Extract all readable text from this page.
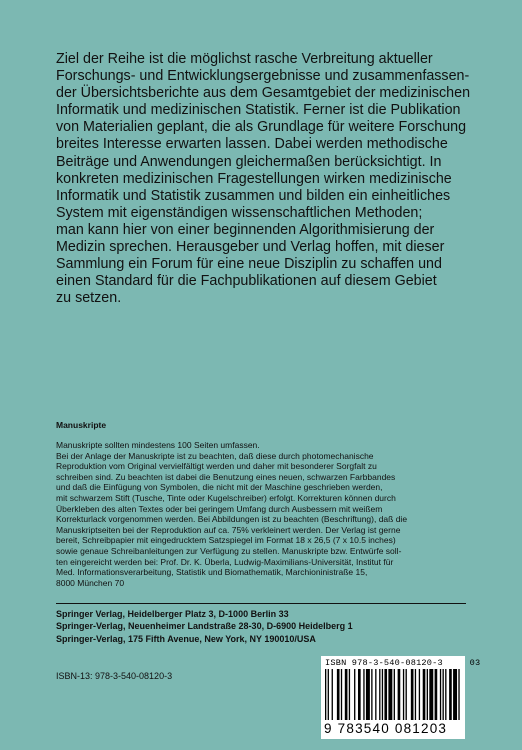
Ziel der Reihe ist die möglichst rasche Verbreitung aktueller
Forschungs- und Entwicklungsergebnisse und zusammenfassen-
der Übersichtsberichte aus dem Gesamtgebiet der medizinischen
Informatik und medizinischen Statistik. Ferner ist die Publikation
von Materialien geplant, die als Grundlage für weitere Forschung
breites Interesse erwarten lassen. Dabei werden methodische
Beiträge und Anwendungen gleichermaßen berücksichtigt. In
konkreten medizinischen Fragestellungen wirken medizinische
Informatik und Statistik zusammen und bilden ein einheitliches
System mit eigenständigen wissenschaftlichen Methoden;
man kann hier von einer beginnenden Algorithmisierung der
Medizin sprechen. Herausgeber und Verlag hoffen, mit dieser
Sammlung ein Forum für eine neue Disziplin zu schaffen und
einen Standard für die Fachpublikationen auf diesem Gebiet
zu setzen.
Manuskripte
Manuskripte sollten mindestens 100 Seiten umfassen.
Bei der Anlage der Manuskripte ist zu beachten, daß diese durch photomechanische
Reproduktion vom Original vervielfältigt werden und daher mit besonderer Sorgfalt zu
schreiben sind. Zu beachten ist dabei die Benutzung eines neuen, schwarzen Farbbandes
und daß die Einfügung von Symbolen, die nicht mit der Maschine geschrieben werden,
mit schwarzem Stift (Tusche, Tinte oder Kugelschreiber) erfolgt. Korrekturen können durch
Überkleben des alten Textes oder bei geringem Umfang durch Ausbessern mit weißem
Korrekturlack vorgenommen werden. Bei Abbildungen ist zu beachten (Beschriftung), daß die
Manuskriptseiten bei der Reproduktion auf ca. 75% verkleinert werden. Der Verlag ist gerne
bereit, Schreibpapier mit eingedrucktem Satzspiegel im Format 18 x 26,5 (7 x 10.5 inches)
sowie genaue Schreibanleitungen zur Verfügung zu stellen. Manuskripte bzw. Entwürfe soll-
ten eingereicht werden bei: Prof. Dr. K. Überla, Ludwig-Maximilians-Universität, Institut für
Med. Informationsverarbeitung, Statistik und Biomathematik, Marchioninistraße 15,
8000 München 70
Springer Verlag, Heidelberger Platz 3, D-1000 Berlin 33
Springer-Verlag, Neuenheimer Landstraße 28-30, D-6900 Heidelberg 1
Springer-Verlag, 175 Fifth Avenue, New York, NY 190010/USA
ISBN-13: 978-3-540-08120-3
ISBN 978-3-540-08120-3	03
9 783540 081203
